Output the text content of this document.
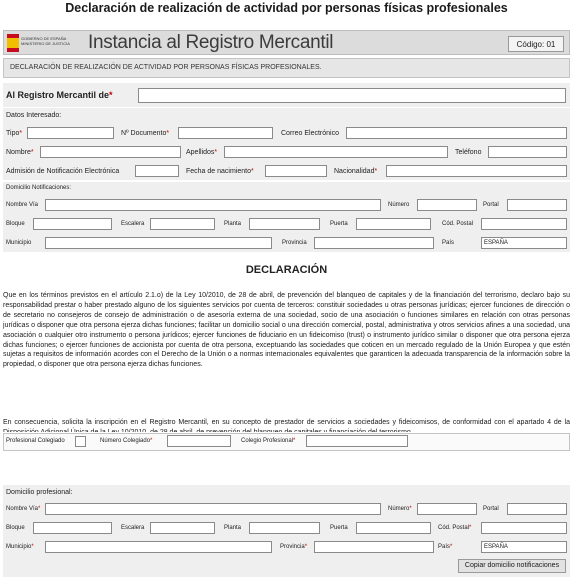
Declaración de realización de actividad por personas físicas profesionales
GOBIERNO DE ESPAÑA MINISTERIO DE JUSTICIA Instancia al Registro Mercantil	Código: 01
DECLARACIÓN DE REALIZACIÓN DE ACTIVIDAD POR PERSONAS FÍSICAS PROFESIONALES.
Al Registro Mercantil de*
Datos Interesado:
Tipo*	Nº Documento*	Correo Electrónico
Nombre*	Apellidos*	Teléfono
Admisión de Notificación Electrónica	Fecha de nacimiento*	Nacionalidad*
Domicilio Notificaciones:
Nombre Vía	Número	Portal
Bloque	Escalera	Planta	Puerta	Cód. Postal
Municipio	Provincia	País	ESPAÑA
DECLARACIÓN
Que en los términos previstos en el artículo 2.1.o) de la Ley 10/2010, de 28 de abril, de prevención del blanqueo de capitales y de la financiación del terrorismo, declaro bajo su responsabilidad prestar o haber prestado alguno de los siguientes servicios por cuenta de terceros: constituir sociedades u otras personas jurídicas; ejercer funciones de dirección o de secretario no consejeros de consejo de administración o de asesoría externa de una sociedad, socio de una asociación o funciones similares en relación con otras personas jurídicas o disponer que otra persona ejerza dichas funciones; facilitar un domicilio social o una dirección comercial, postal, administrativa y otros servicios afines a una sociedad, una asociación o cualquier otro instrumento o persona jurídicos; ejercer funciones de fiduciario en un fideicomiso (trust) o instrumento jurídico similar o disponer que otra persona ejerza dichas funciones; o ejercer funciones de accionista por cuenta de otra persona, exceptuando las sociedades que coticen en un mercado regulado de la Unión Europea y que estén sujetas a requisitos de información acordes con el Derecho de la Unión o a normas internacionales equivalentes que garanticen la adecuada transparencia de la información sobre la propiedad, o disponer que otra persona ejerza dichas funciones.
En consecuencia, solicita la inscripción en el Registro Mercantil, en su concepto de prestador de servicios a sociedades y fideicomisos, de conformidad con el apartado 4 de la
Profesional Colegiado	Número Colegiado*	Colegio Profesional*
Domicilio profesional:
Nombre Vía*	Número*	Portal
Bloque	Escalera	Planta	Puerta	Cód. Postal*
Municipio*	Provincia*	País*	ESPAÑA
Copiar domicilio notificaciones
